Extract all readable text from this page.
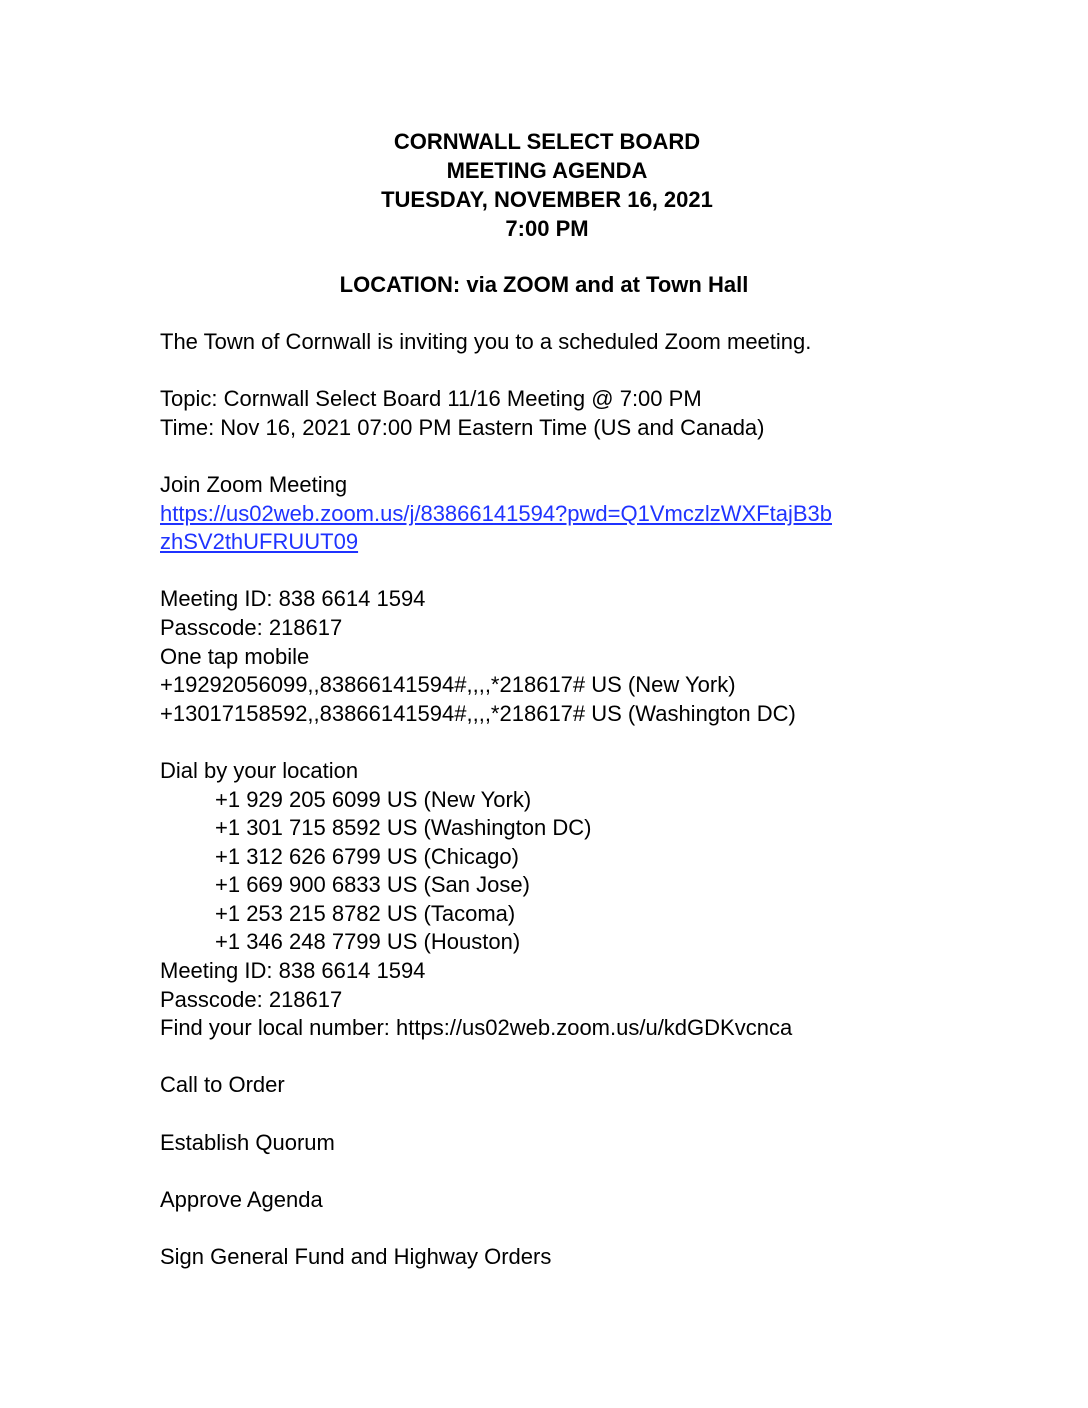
CORNWALL SELECT BOARD
MEETING AGENDA
TUESDAY, NOVEMBER 16, 2021
7:00 PM
LOCATION: via ZOOM and at Town Hall
The Town of Cornwall is inviting you to a scheduled Zoom meeting.
Topic: Cornwall Select Board 11/16 Meeting @ 7:00 PM
Time: Nov 16, 2021 07:00 PM Eastern Time (US and Canada)
Join Zoom Meeting
https://us02web.zoom.us/j/83866141594?pwd=Q1VmczlzWXFtajB3b
zhSV2thUFRUUT09
Meeting ID: 838 6614 1594
Passcode: 218617
One tap mobile
+19292056099,,83866141594#,,,,*218617# US (New York)
+13017158592,,83866141594#,,,,*218617# US (Washington DC)
Dial by your location
+1 929 205 6099 US (New York)
+1 301 715 8592 US (Washington DC)
+1 312 626 6799 US (Chicago)
+1 669 900 6833 US (San Jose)
+1 253 215 8782 US (Tacoma)
+1 346 248 7799 US (Houston)
Meeting ID: 838 6614 1594
Passcode: 218617
Find your local number: https://us02web.zoom.us/u/kdGDKvcnca
Call to Order
Establish Quorum
Approve Agenda
Sign General Fund and Highway Orders
